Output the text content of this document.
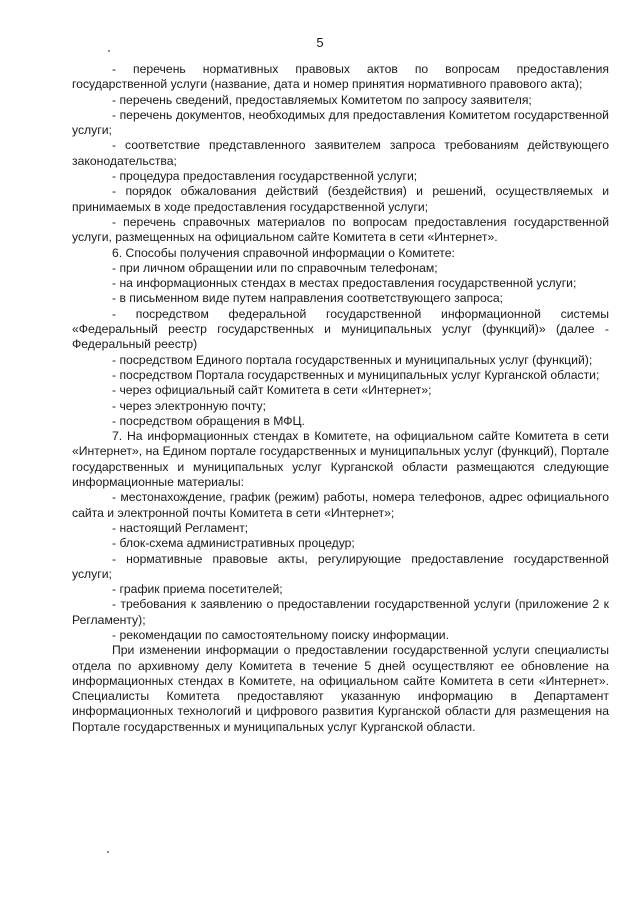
5

- перечень нормативных правовых актов по вопросам предоставления государственной услуги (название, дата и номер принятия нормативного правового акта);

- перечень сведений, предоставляемых Комитетом по запросу заявителя;

- перечень документов, необходимых для предоставления Комитетом государственной услуги;

- соответствие представленного заявителем запроса требованиям действующего законодательства;

- процедура предоставления государственной услуги;

- порядок обжалования действий (бездействия) и решений, осуществляемых и принимаемых в ходе предоставления государственной услуги;

- перечень справочных материалов по вопросам предоставления государственной услуги, размещенных на официальном сайте Комитета в сети «Интернет».

6. Способы получения справочной информации о Комитете:

- при личном обращении или по справочным телефонам;

- на информационных стендах в местах предоставления государственной услуги;

- в письменном виде путем направления соответствующего запроса;

- посредством федеральной государственной информационной системы «Федеральный реестр государственных и муниципальных услуг (функций)» (далее - Федеральный реестр)

- посредством Единого портала государственных и муниципальных услуг (функций);

- посредством Портала государственных и муниципальных услуг Курганской области;

- через официальный сайт Комитета в сети «Интернет»;

- через электронную почту;

- посредством обращения в МФЦ.

7. На информационных стендах в Комитете, на официальном сайте Комитета в сети «Интернет», на Едином портале государственных и муниципальных услуг (функций), Портале государственных и муниципальных услуг Курганской области размещаются следующие информационные материалы:

- местонахождение, график (режим) работы, номера телефонов, адрес официального сайта и электронной почты Комитета в сети «Интернет»;

- настоящий Регламент;

- блок-схема административных процедур;

- нормативные правовые акты, регулирующие предоставление государственной услуги;

- график приема посетителей;

- требования к заявлению о предоставлении государственной услуги (приложение 2 к Регламенту);

- рекомендации по самостоятельному поиску информации.

При изменении информации о предоставлении государственной услуги специалисты отдела по архивному делу Комитета в течение 5 дней осуществляют ее обновление на информационных стендах в Комитете, на официальном сайте Комитета в сети «Интернет». Специалисты Комитета предоставляют указанную информацию в Департамент информационных технологий и цифрового развития Курганской области для размещения на Портале государственных и муниципальных услуг Курганской области.
